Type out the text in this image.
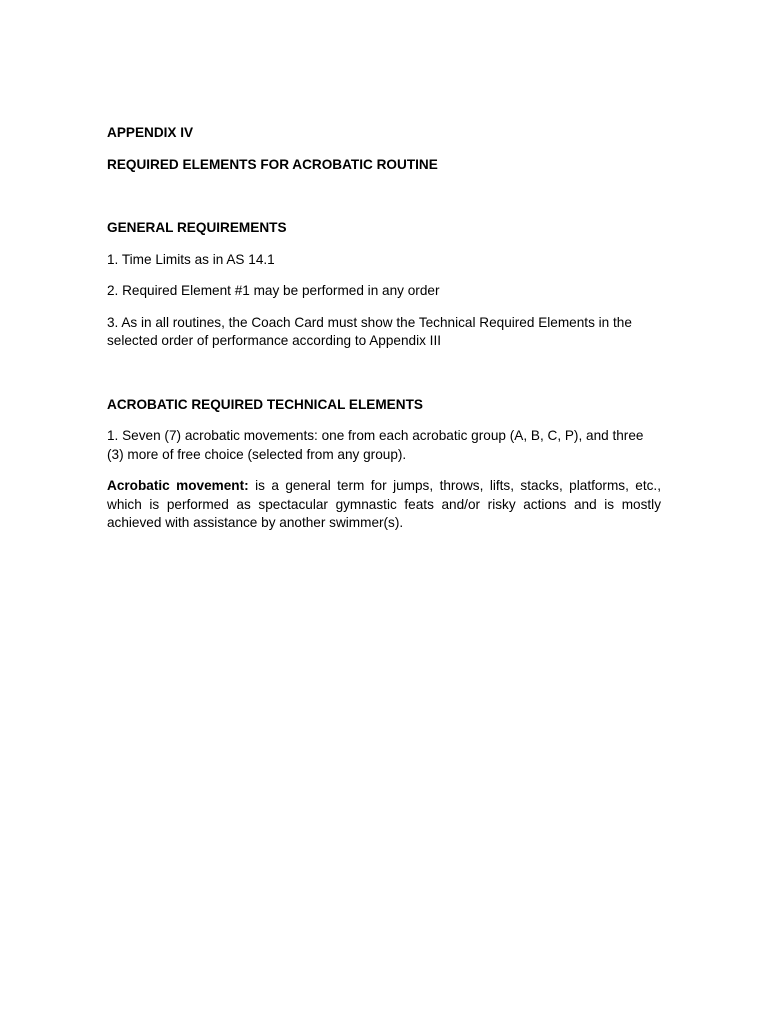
APPENDIX IV

REQUIRED ELEMENTS FOR ACROBATIC ROUTINE

GENERAL REQUIREMENTS

1. Time Limits as in AS 14.1

2. Required Element #1 may be performed in any order

3. As in all routines, the Coach Card must show the Technical Required Elements in the selected order of performance according to Appendix III

ACROBATIC REQUIRED TECHNICAL ELEMENTS

1. Seven (7) acrobatic movements: one from each acrobatic group (A, B, C, P), and three (3) more of free choice (selected from any group).

Acrobatic movement: is a general term for jumps, throws, lifts, stacks, platforms, etc., which is performed as spectacular gymnastic feats and/or risky actions and is mostly achieved with assistance by another swimmer(s).
